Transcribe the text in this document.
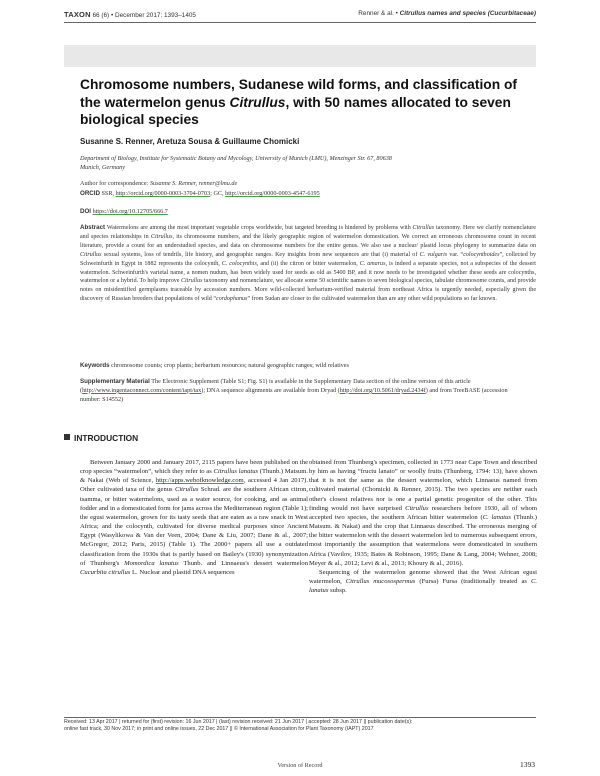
TAXON 66 (6) • December 2017: 1393–1405	Renner & al. • Citrullus names and species (Cucurbitaceae)
Chromosome numbers, Sudanese wild forms, and classification of the watermelon genus Citrullus, with 50 names allocated to seven biological species
Susanne S. Renner, Aretuza Sousa & Guillaume Chomicki
Department of Biology, Institute for Systematic Botany and Mycology, University of Munich (LMU), Menzinger Str. 67, 80638 Munich, Germany
Author for correspondence: Susanne S. Renner, renner@lmu.de
ORCID SSR, http://orcid.org/0000-0003-3704-0703; GC, http://orcid.org/0000-0003-4547-6195
DOI https://doi.org/10.12705/666.7
Abstract Watermelons are among the most important vegetable crops worldwide, but targeted breeding is hindered by problems with Citrullus taxonomy. Here we clarify nomenclature and species relationships in Citrullus, its chromosome numbers, and the likely geographic region of watermelon domestication. We correct an erroneous chromosome count in recent literature, provide a count for an understudied species, and data on chromosome numbers for the entire genus. We also use a nuclear/ plastid locus phylogeny to summarize data on Citrullus sexual systems, loss of tendrils, life history, and geographic ranges. Key insights from new sequences are that (i) material of C. vulgaris var. “colocynthoides”, collected by Schweinfurth in Egypt in 1882 represents the colocynth, C. colocynthis, and (ii) the citron or bitter watermelon, C. amarus, is indeed a separate species, not a subspecies of the dessert watermelon. Schweinfurth's varietal name, a nomen nudum, has been widely used for seeds as old as 5400 BP, and it now needs to be investigated whether these seeds are colocynths, watermelon or a hybrid. To help improve Citrullus taxonomy and nomenclature, we allocate some 50 scientific names to seven biological species, tabulate chromosome counts, and provide notes on misidentified germplasms traceable by accession numbers. More wild-collected herbarium-verified material from northeast Africa is urgently needed, especially given the discovery of Russian breeders that populations of wild “cordophanus” from Sudan are closer to the cultivated watermelon than are any other wild populations so far known.
Keywords chromosome counts; crop plants; herbarium resources; natural geographic ranges; wild relatives
Supplementary Material The Electronic Supplement (Table S1; Fig. S1) is available in the Supplementary Data section of the online version of this article (http://www.ingentaconnect.com/content/iapt/tax); DNA sequence alignments are available from Dryad (http://doi.org/10.5061/dryad.2434f) and from TreeBASE (accession number: S14552)
INTRODUCTION

Between January 2000 and January 2017, 2115 papers have been published on the crop species “watermelon”, which they refer to as Citrullus lanatus (Thunb.) Matsum. & Nakai (Web of Science, http://apps.webofknowledge.com, accessed 4 Jan 2017). Other cultivated taxa of the genus Citrullus Schrad. are the southern African citron, tsamma, or bitter watermelons, used as a water source, for cooking, and as animal fodder and in a domesticated form for jams across the Mediterranean region (Table 1); the egusi watermelon, grown for its tasty seeds that are eaten as a raw snack in West Africa; and the colocynth, cultivated for diverse medical purposes since Ancient Egypt (Wasylikowa & Van der Veen, 2004; Dane & Liu, 2007; Dane & al., 2007; McGregor, 2012; Paris, 2015) (Table 1). The 2000+ papers all use a outdated classification from the 1930s that is partly based on Bailey's (1930) synonymization of Thunberg's Momordica lanatus Thunb. and Linnaeus's dessert watermelon Cucurbita citrullus L. Nuclear and plastid DNA sequences

obtained from Thunberg's specimen, collected in 1773 near Cape Town and described by him as having “fructu lanato” or woolly fruits (Thunberg, 1794: 13), have shown that it is not the same as the dessert watermelon, which Linnaeus named from cultivated material (Chomicki & Renner, 2015). The two species are neither each other's closest relatives nor is one a partial genetic progenitor of the other. This finding would not have surprised Citrullus researchers before 1930, all of whom accepted two species, the southern African bitter watermelon (C. lanatus (Thunb.) Matsum. & Nakai) and the crop that Linnaeus described. The erroneous merging of the bitter watermelon with the dessert watermelon led to numerous subsequent errors, most importantly the assumption that watermelons were domesticated in southern Africa (Vavilov, 1935; Bates & Robinson, 1995; Dane & Lang, 2004; Wehner, 2008; Meyer & al., 2012; Levi & al., 2013; Khoury & al., 2016).

Sequencing of the watermelon genome showed that the West African egusi watermelon, Citrullus mucosospermus (Fursa) Fursa (traditionally treated as C. lanatus subsp.

Received: 13 Apr 2017 | returned for (first) revision: 16 Jun 2017 | (last) revision received: 21 Jun 2017 | accepted: 28 Jun 2017 || publication date(s):
online fast track, 30 Nov 2017; in print and online issues, 22 Dec 2017 || © International Association for Plant Taxonomy (IAPT) 2017
Version of Record	1393
